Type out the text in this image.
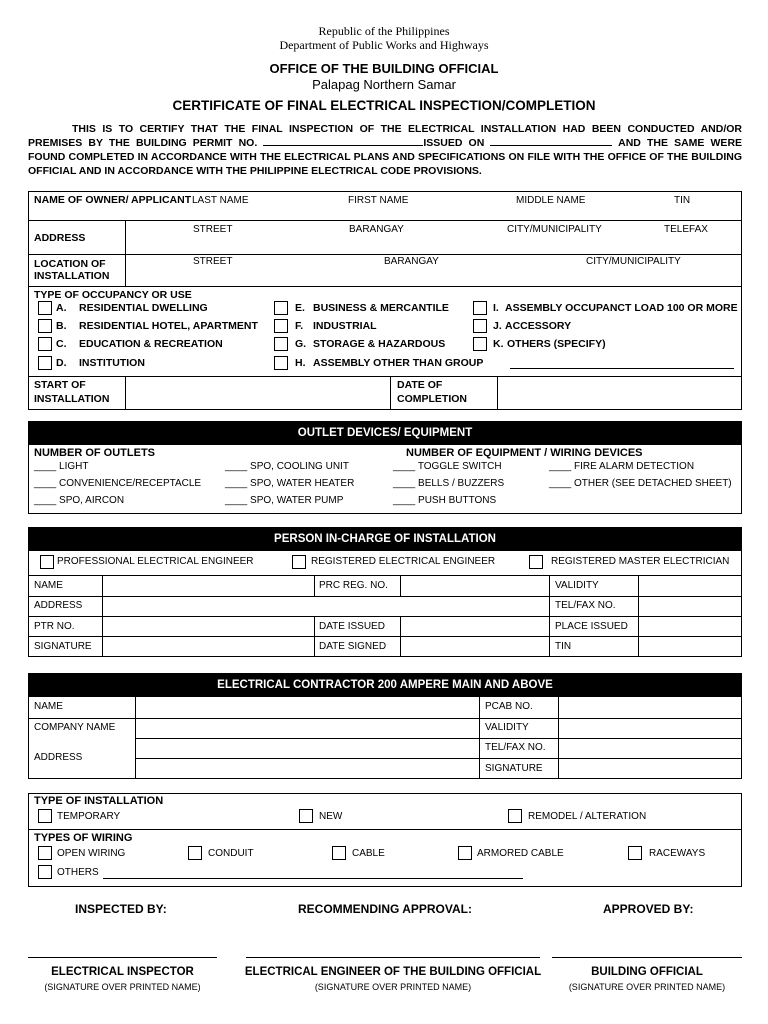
Republic of the Philippines
Department of Public Works and Highways
OFFICE OF THE BUILDING OFFICIAL
Palapag Northern Samar
CERTIFICATE OF FINAL ELECTRICAL INSPECTION/COMPLETION
THIS IS TO CERTIFY THAT THE FINAL INSPECTION OF THE ELECTRICAL INSTALLATION HAD BEEN CONDUCTED AND/OR
PREMISES BY THE BUILDING PERMIT NO.	ISSUED ON	AND THE SAME WERE
FOUND COMPLETED IN ACCORDANCE WITH THE ELECTRICAL PLANS AND SPECIFICATIONS ON FILE WITH THE OFFICE OF THE BUILDING
OFFICIAL AND IN ACCORDANCE WITH THE PHILIPPINE ELECTRICAL CODE PROVISIONS.
NAME OF OWNER/ APPLICANT LAST NAME	FIRST NAME	MIDDLE NAME	TIN
ADDRESS
STREET	BARANGAY	CITY/MUNICIPALITY	TELEFAX
LOCATION OF INSTALLATION
STREET	BARANGAY	CITY/MUNICIPALITY
TYPE OF OCCUPANCY OR USE
A. RESIDENTIAL DWELLING
B. RESIDENTIAL HOTEL, APARTMENT
C. EDUCATION & RECREATION
D. INSTITUTION
E. BUSINESS & MERCANTILE
F. INDUSTRIAL
G. STORAGE & HAZARDOUS
H. ASSEMBLY OTHER THAN GROUP
I. ASSEMBLY OCCUPANCT LOAD 100 OR MORE
J. ACCESSORY
K. OTHERS (SPECIFY)
START OF INSTALLATION
DATE OF COMPLETION
OUTLET DEVICES/ EQUIPMENT
NUMBER OF OUTLETS	NUMBER OF EQUIPMENT / WIRING DEVICES
____ LIGHT	____ SPO, COOLING UNIT	____ TOGGLE SWITCH	____ FIRE ALARM DETECTION
____ CONVENIENCE/RECEPTACLE ____ SPO, WATER HEATER	____ BELLS / BUZZERS	____ OTHER (SEE DETACHED SHEET)
____ SPO, AIRCON	____ SPO, WATER PUMP	____ PUSH BUTTONS
PERSON IN-CHARGE OF INSTALLATION
PROFESSIONAL ELECTRICAL ENGINEER	REGISTERED ELECTRICAL ENGINEER	REGISTERED MASTER ELECTRICIAN
NAME	PRC REG. NO.	VALIDITY
ADDRESS	TEL/FAX NO.
PTR NO.	DATE ISSUED	PLACE ISSUED
SIGNATURE	DATE SIGNED	TIN
ELECTRICAL CONTRACTOR 200 AMPERE MAIN AND ABOVE
NAME	PCAB NO.
COMPANY NAME	VALIDITY
ADDRESS
TEL/FAX NO.
SIGNATURE
TYPE OF INSTALLATION
TEMPORARY	NEW	REMODEL / ALTERATION
TYPES OF WIRING
OPEN WIRING	CONDUIT	CABLE	ARMORED CABLE	RACEWAYS
OTHERS
INSPECTED BY:	RECOMMENDING APPROVAL:	APPROVED BY:
ELECTRICAL INSPECTOR	ELECTRICAL ENGINEER OF THE BUILDING OFFICIAL	BUILDING OFFICIAL
(SIGNATURE OVER PRINTED NAME)	(SIGNATURE OVER PRINTED NAME)	(SIGNATURE OVER PRINTED NAME)
